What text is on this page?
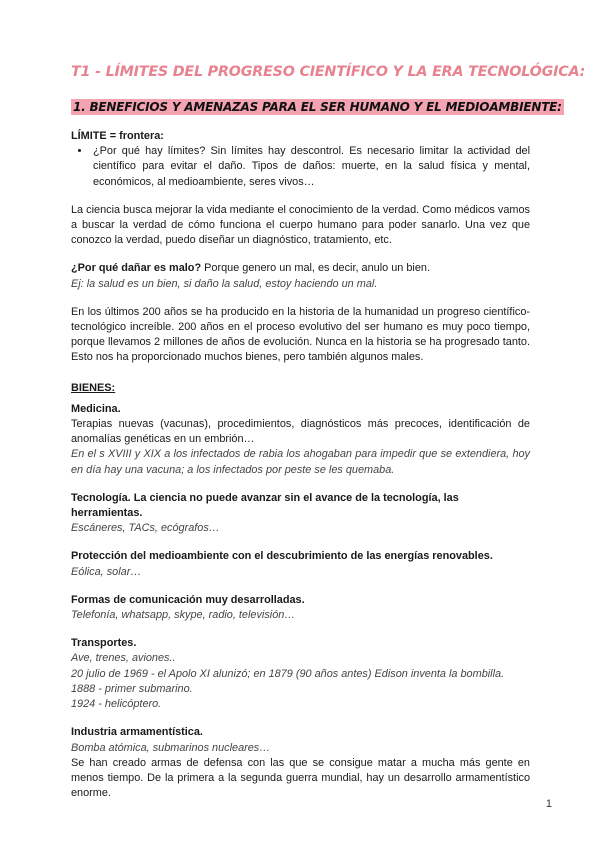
T1 - LÍMITES DEL PROGRESO CIENTÍFICO Y LA ERA TECNOLÓGICA:
1. BENEFICIOS Y AMENAZAS PARA EL SER HUMANO Y EL MEDIOAMBIENTE:

LÍMITE = frontera:

• ¿Por qué hay límites? Sin límites hay descontrol. Es necesario limitar la actividad del científico para evitar el daño. Tipos de daños: muerte, en la salud física y mental, económicos, al medioambiente, seres vivos…

La ciencia busca mejorar la vida mediante el conocimiento de la verdad. Como médicos vamos a buscar la verdad de cómo funciona el cuerpo humano para poder sanarlo. Una vez que conozco la verdad, puedo diseñar un diagnóstico, tratamiento, etc.

¿Por qué dañar es malo? Porque genero un mal, es decir, anulo un bien.

Ej: la salud es un bien, si daño la salud, estoy haciendo un mal.

En los últimos 200 años se ha producido en la historia de la humanidad un progreso científico-tecnológico increíble. 200 años en el proceso evolutivo del ser humano es muy poco tiempo, porque llevamos 2 millones de años de evolución. Nunca en la historia se ha progresado tanto. Esto nos ha proporcionado muchos bienes, pero también algunos males.

BIENES:

Medicina.

Terapias nuevas (vacunas), procedimientos, diagnósticos más precoces, identificación de anomalías genéticas en un embrión…

En el s XVIII y XIX a los infectados de rabia los ahogaban para impedir que se extendiera, hoy en día hay una vacuna; a los infectados por peste se les quemaba.

Tecnología. La ciencia no puede avanzar sin el avance de la tecnología, las herramientas.

Escáneres, TACs, ecógrafos…

Protección del medioambiente con el descubrimiento de las energías renovables.

Eólica, solar…

Formas de comunicación muy desarrolladas.

Telefonía, whatsapp, skype, radio, televisión…

Transportes.

Ave, trenes, aviones..

20 julio de 1969 - el Apolo XI alunizó; en 1879 (90 años antes) Edison inventa la bombilla.

1888 - primer submarino.

1924 - helicóptero.

Industria armamentística.

Bomba atómica, submarinos nucleares…

Se han creado armas de defensa con las que se consigue matar a mucha más gente en menos tiempo. De la primera a la segunda guerra mundial, hay un desarrollo armamentístico enorme.

1
